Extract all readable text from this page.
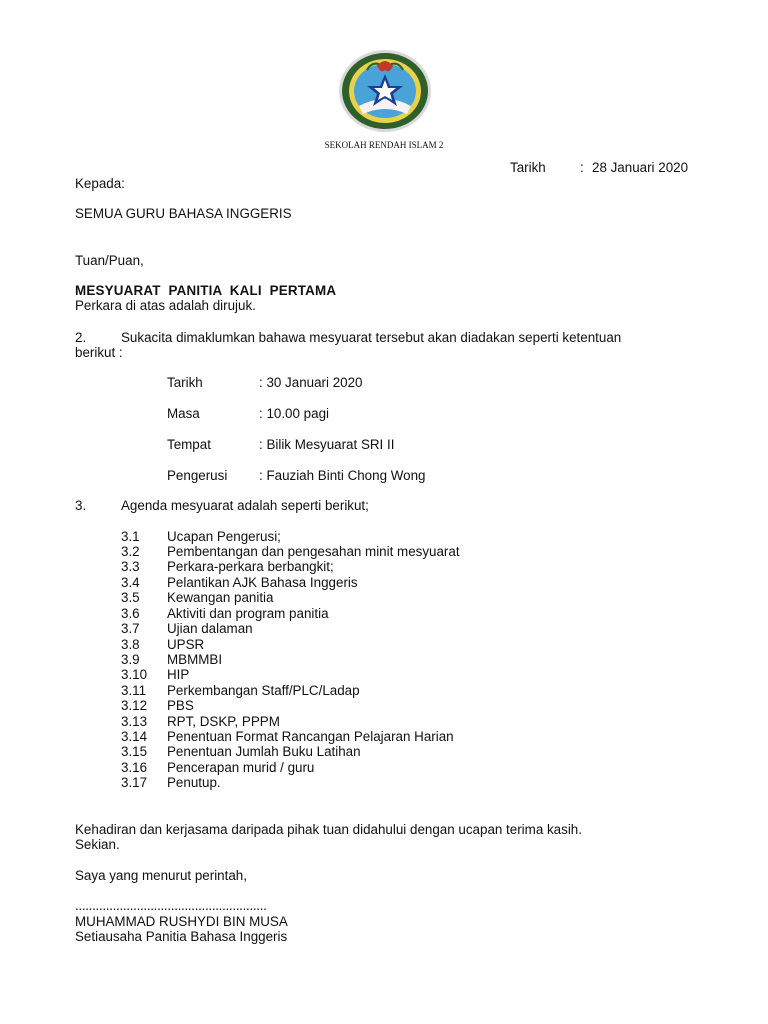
SEKOLAH RENDAH ISLAM 2
Tarikh	: 28 Januari 2020
Kepada:
SEMUA GURU BAHASA INGGERIS
Tuan/Puan,
MESYUARAT  PANITIA  KALI  PERTAMA
Perkara di atas adalah dirujuk.
2.	Sukacita dimaklumkan bahawa mesyuarat tersebut akan diadakan seperti ketentuan
berikut :
Tarikh	: 30 Januari 2020
Masa	: 10.00 pagi
Tempat	: Bilik Mesyuarat SRI II
Pengerusi : Fauziah Binti Chong Wong
3.	Agenda mesyuarat adalah seperti berikut;
3.1 Ucapan Pengerusi;
3.2 Pembentangan dan pengesahan minit mesyuarat
3.3 Perkara-perkara berbangkit;
3.4 Pelantikan AJK Bahasa Inggeris
3.5 Kewangan panitia
3.6 Aktiviti dan program panitia
3.7 Ujian dalaman
3.8 UPSR
3.9 MBMMBI
3.10 HIP
3.11 Perkembangan Staff/PLC/Ladap
3.12 PBS
3.13 RPT, DSKP, PPPM
3.14 Penentuan Format Rancangan Pelajaran Harian
3.15 Penentuan Jumlah Buku Latihan
3.16 Pencerapan murid / guru
3.17 Penutup.
Kehadiran dan kerjasama daripada pihak tuan didahului dengan ucapan terima kasih.
Sekian.
Saya yang menurut perintah,
........................................................
MUHAMMAD RUSHYDI BIN MUSA
Setiausaha Panitia Bahasa Inggeris
